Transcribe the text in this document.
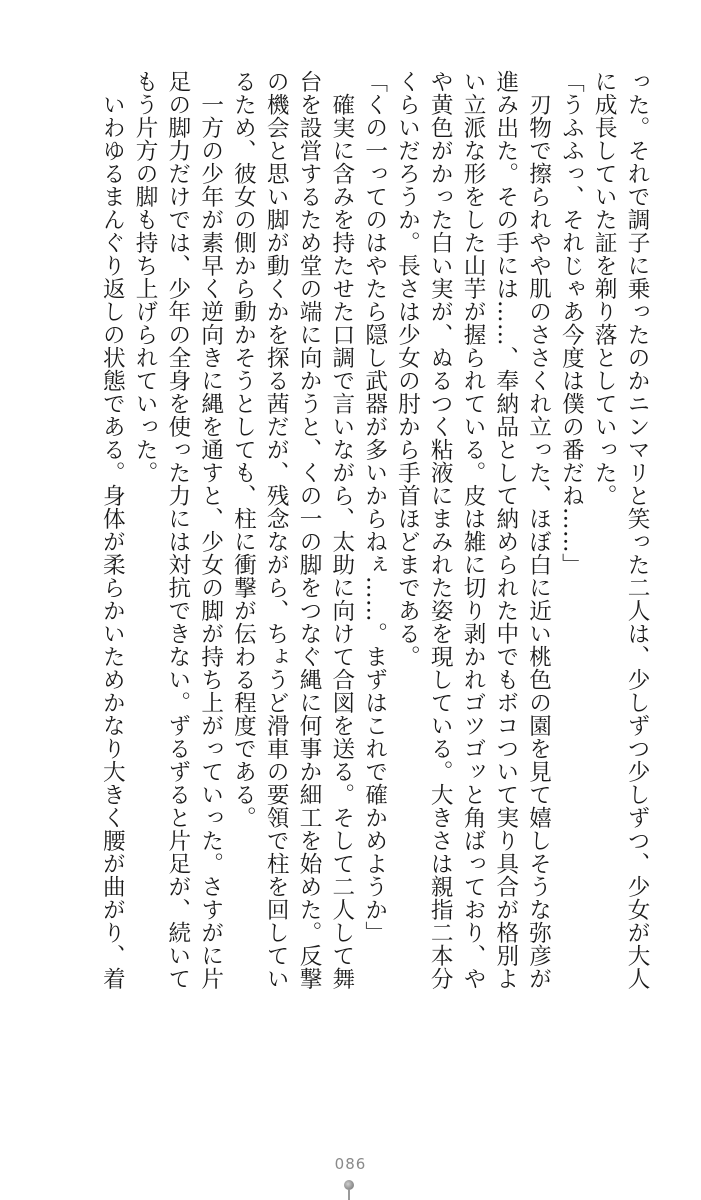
った。それで調子に乗ったのかニンマリと笑った二人は、少しずつ少しずつ、少女が大人
に成長していた証を剃り落としていった。
「うふふっ、それじゃあ今度は僕の番だね……」
　刃物で擦られやや肌のささくれ立った、ほぼ白に近い桃色の園を見て嬉しそうな弥彦が
進み出た。その手には……、奉納品として納められた中でもボコついて実り具合が格別よ
い立派な形をした山芋が握られている。皮は雑に切り剥かれゴツゴッと角ばっており、や
や黄色がかった白い実が、ぬるつく粘液にまみれた姿を現している。大きさは親指二本分
くらいだろうか。長さは少女の肘から手首ほどまである。
「くの一ってのはやたら隠し武器が多いからねぇ……。まずはこれで確かめようか」
　確実に含みを持たせた口調で言いながら、太助に向けて合図を送る。そして二人して舞
台を設営するため堂の端に向かうと、くの一の脚をつなぐ縄に何事か細工を始めた。反撃
の機会と思い脚が動くかを探る茜だが、残念ながら、ちょうど滑車の要領で柱を回してい
るため、彼女の側から動かそうとしても、柱に衝撃が伝わる程度である。
　一方の少年が素早く逆向きに縄を通すと、少女の脚が持ち上がっていった。さすがに片
足の脚力だけでは、少年の全身を使った力には対抗できない。ずるずると片足が、続いて
もう片方の脚も持ち上げられていった。
　いわゆるまんぐり返しの状態である。身体が柔らかいためかなり大きく腰が曲がり、着
086
